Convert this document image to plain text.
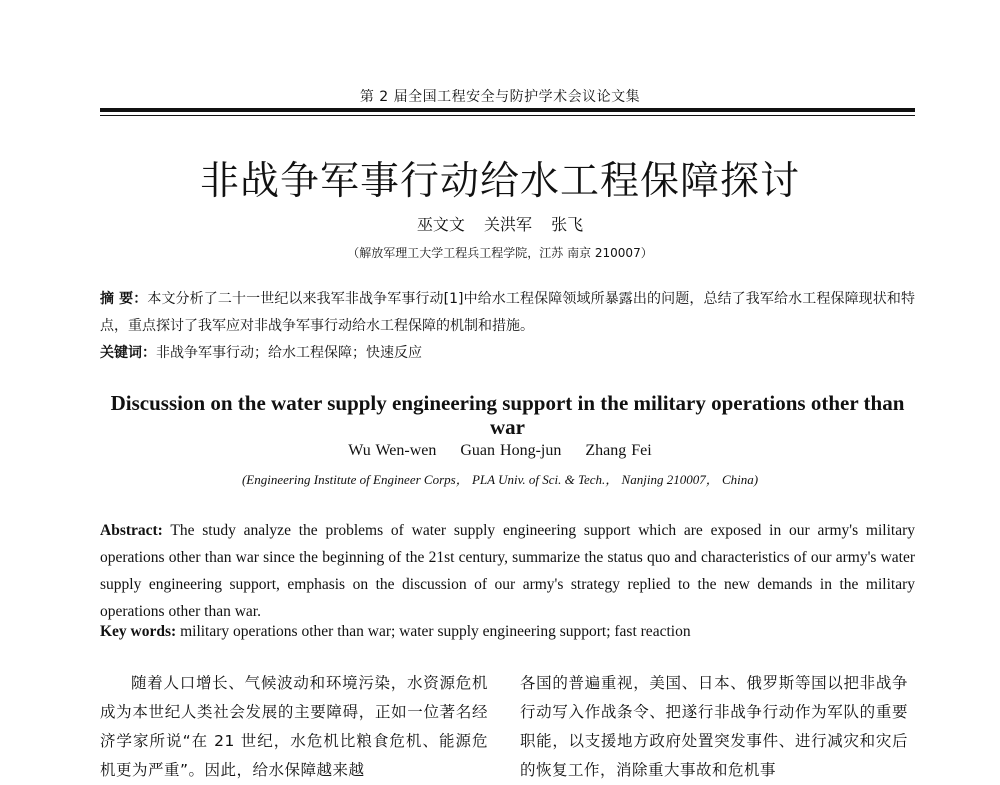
第 2 届全国工程安全与防护学术会议论文集
非战争军事行动给水工程保障探讨
巫文文 关洪军 张飞
（解放军理工大学工程兵工程学院，江苏 南京 210007）
摘 要：本文分析了二十一世纪以来我军非战争军事行动[1]中给水工程保障领域所暴露出的问题，总结了我军给水工程保障现状和特点，重点探讨了我军应对非战争军事行动给水工程保障的机制和措施。
关键词：非战争军事行动；给水工程保障；快速反应
Discussion on the water supply engineering support in the military operations other than war
Wu Wen-wen Guan Hong-jun Zhang Fei
(Engineering Institute of Engineer Corps， PLA Univ. of Sci. & Tech.， Nanjing 210007， China)
Abstract: The study analyze the problems of water supply engineering support which are exposed in our army's military operations other than war since the beginning of the 21st century, summarize the status quo and characteristics of our army's water supply engineering support, emphasis on the discussion of our army's strategy replied to the new demands in the military operations other than war.
Key words: military operations other than war; water supply engineering support; fast reaction
随着人口增长、气候波动和环境污染，水资源危机成为本世纪人类社会发展的主要障碍，正如一位著名经济学家所说“在 21 世纪，水危机比粮食危机、能源危机更为严重”。因此，给水保障越来越
各国的普遍重视，美国、日本、俄罗斯等国以把非战争行动写入作战条令、把遂行非战争行动作为军队的重要职能，以支援地方政府处置突发事件、进行减灾和灾后的恢复工作，消除重大事故和危机事
